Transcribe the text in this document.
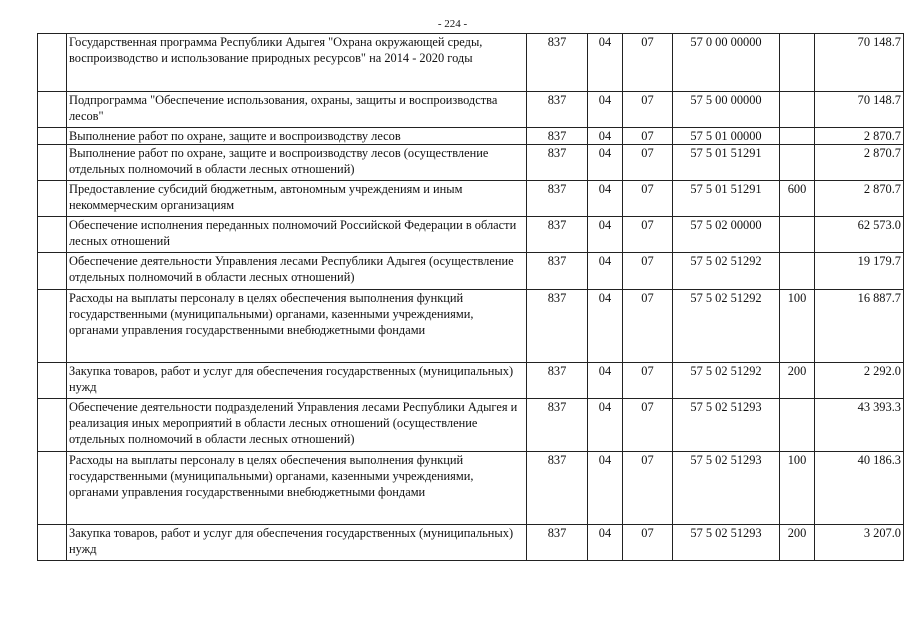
- 224 -
	Государственная программа Республики Адыгея "Охрана окружающей среды, воспроизводство и использование природных ресурсов" на 2014 - 2020 годы	837	04	07	57 0 00 00000		70 148.7
	Подпрограмма "Обеспечение использования, охраны, защиты и воспроизводства лесов"	837	04	07	57 5 00 00000		70 148.7
	Выполнение работ по охране, защите и воспроизводству лесов	837	04	07	57 5 01 00000		2 870.7
	Выполнение работ по охране, защите и воспроизводству лесов (осуществление отдельных полномочий в области лесных отношений)	837	04	07	57 5 01 51291		2 870.7
	Предоставление субсидий бюджетным, автономным учреждениям и иным некоммерческим организациям	837	04	07	57 5 01 51291	600	2 870.7
	Обеспечение исполнения переданных полномочий Российской Федерации в области лесных отношений	837	04	07	57 5 02 00000		62 573.0
	Обеспечение деятельности Управления лесами Республики Адыгея (осуществление отдельных полномочий в области лесных отношений)	837	04	07	57 5 02 51292		19 179.7
	Расходы на выплаты персоналу в целях обеспечения выполнения функций государственными (муниципальными) органами, казенными учреждениями, органами управления государственными внебюджетными фондами	837	04	07	57 5 02 51292	100	16 887.7
	Закупка товаров, работ и услуг для обеспечения государственных (муниципальных) нужд	837	04	07	57 5 02 51292	200	2 292.0
	Обеспечение деятельности подразделений Управления лесами Республики Адыгея и реализация иных мероприятий в области лесных отношений (осуществление отдельных полномочий в области лесных отношений)	837	04	07	57 5 02 51293		43 393.3
	Расходы на выплаты персоналу в целях обеспечения выполнения функций государственными (муниципальными) органами, казенными учреждениями, органами управления государственными внебюджетными фондами	837	04	07	57 5 02 51293	100	40 186.3
	Закупка товаров, работ и услуг для обеспечения государственных (муниципальных) нужд	837	04	07	57 5 02 51293	200	3 207.0
